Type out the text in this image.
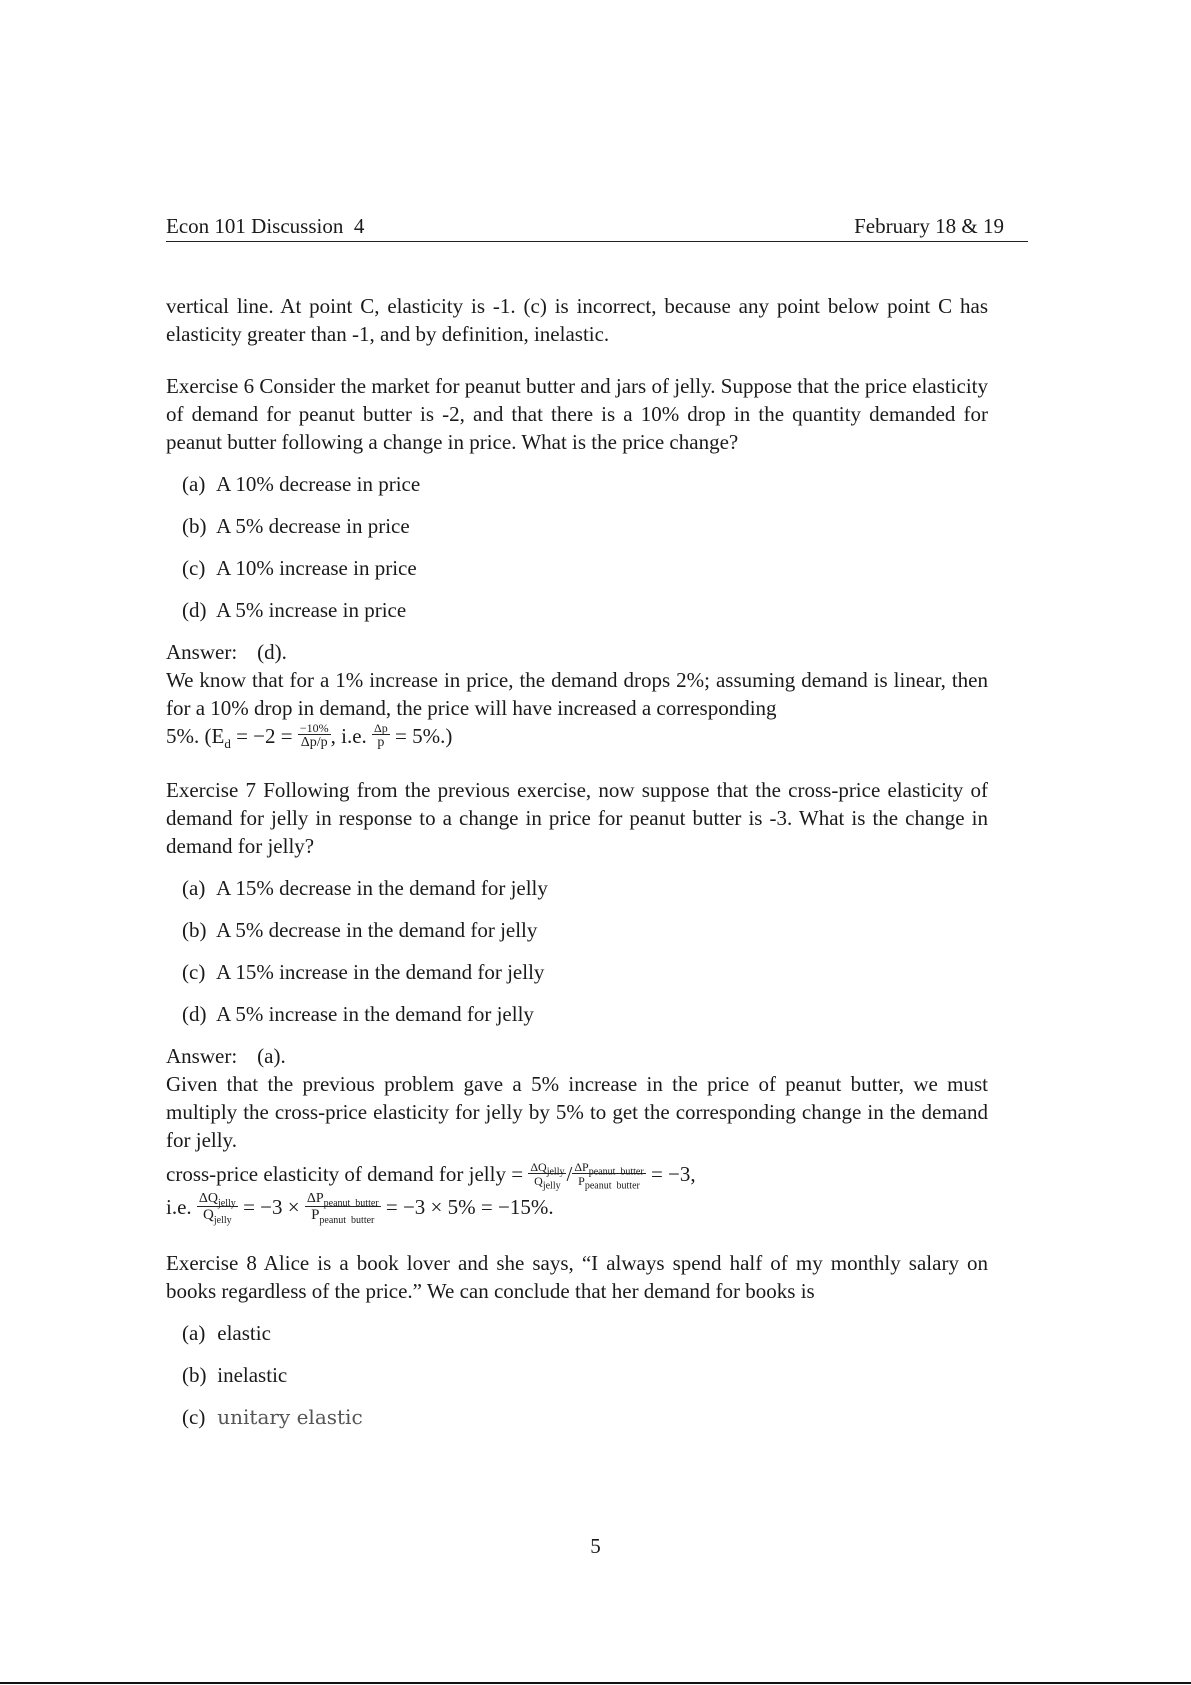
Econ 101 Discussion  4	February 18 & 19

vertical line. At point C, elasticity is -1. (c) is incorrect, because any point below point C has elasticity greater than -1, and by definition, inelastic.

Exercise 6 Consider the market for peanut butter and jars of jelly. Suppose that the price elasticity of demand for peanut butter is -2, and that there is a 10% drop in the quantity demanded for peanut butter following a change in price. What is the price change?

(a) A 10% decrease in price
(b) A 5% decrease in price
(c) A 10% increase in price
(d) A 5% increase in price
Answer: (d).

We know that for a 1% increase in price, the demand drops 2%; assuming demand is linear, then for a 10% drop in demand, the price will have increased a corresponding

5%. ($E_d = -2 = \frac{-10\%}{\Delta p/p}$ , i.e. $\frac{\Delta p}{p} = 5\%$.)

Exercise 7 Following from the previous exercise, now suppose that the cross-price elasticity of demand for jelly in response to a change in price for peanut butter is -3. What is the change in demand for jelly?

(a) A 15% decrease in the demand for jelly
(b) A 5% decrease in the demand for jelly
(c) A 15% increase in the demand for jelly
(d) A 5% increase in the demand for jelly
Answer: (a).

Given that the previous problem gave a 5% increase in the price of peanut butter, we must multiply the cross-price elasticity for jelly by 5% to get the corresponding change in the demand for jelly.

cross-price elasticity of demand for jelly = $\frac{\Delta Q_{jelly}}{Q_{jelly}} / \frac{\Delta P_{peanut butter}}{P_{peanut butter}} = -3$,

i.e. $\frac{\Delta Q_{jelly}}{Q_{jelly}} = -3 \times \frac{\Delta P_{peanut butter}}{P_{peanut butter}} = -3 \times 5\% = -15\%$.

Exercise 8 Alice is a book lover and she says, “I always spend half of my monthly salary on books regardless of the price.” We can conclude that her demand for books is

(a) elastic
(b) inelastic
(c) unitary elastic
5
